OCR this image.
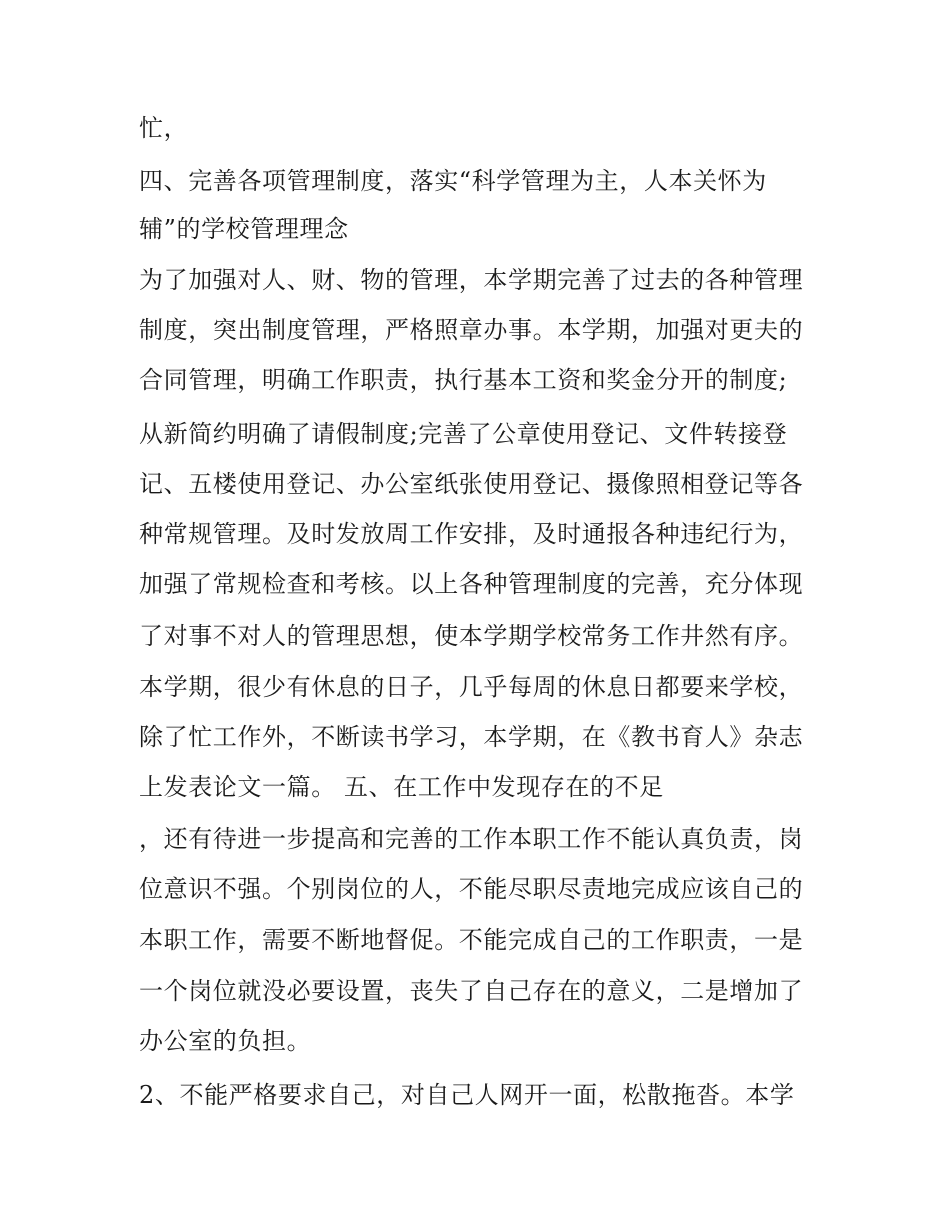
忙，
四、完善各项管理制度，落实“科学管理为主，人本关怀为
辅”的学校管理理念
为了加强对人、财、物的管理，本学期完善了过去的各种管理
制度，突出制度管理，严格照章办事。本学期，加强对更夫的
合同管理，明确工作职责，执行基本工资和奖金分开的制度;
从新简约明确了请假制度;完善了公章使用登记、文件转接登
记、五楼使用登记、办公室纸张使用登记、摄像照相登记等各
种常规管理。及时发放周工作安排，及时通报各种违纪行为，
加强了常规检查和考核。以上各种管理制度的完善，充分体现
了对事不对人的管理思想，使本学期学校常务工作井然有序。
本学期，很少有休息的日子，几乎每周的休息日都要来学校，
除了忙工作外，不断读书学习，本学期，在《教书育人》杂志
上发表论文一篇。 五、在工作中发现存在的不足
，还有待进一步提高和完善的工作本职工作不能认真负责，岗
位意识不强。个别岗位的人，不能尽职尽责地完成应该自己的
本职工作，需要不断地督促。不能完成自己的工作职责，一是
一个岗位就没必要设置，丧失了自己存在的意义，二是增加了
办公室的负担。
2、不能严格要求自己，对自己人网开一面，松散拖沓。本学
